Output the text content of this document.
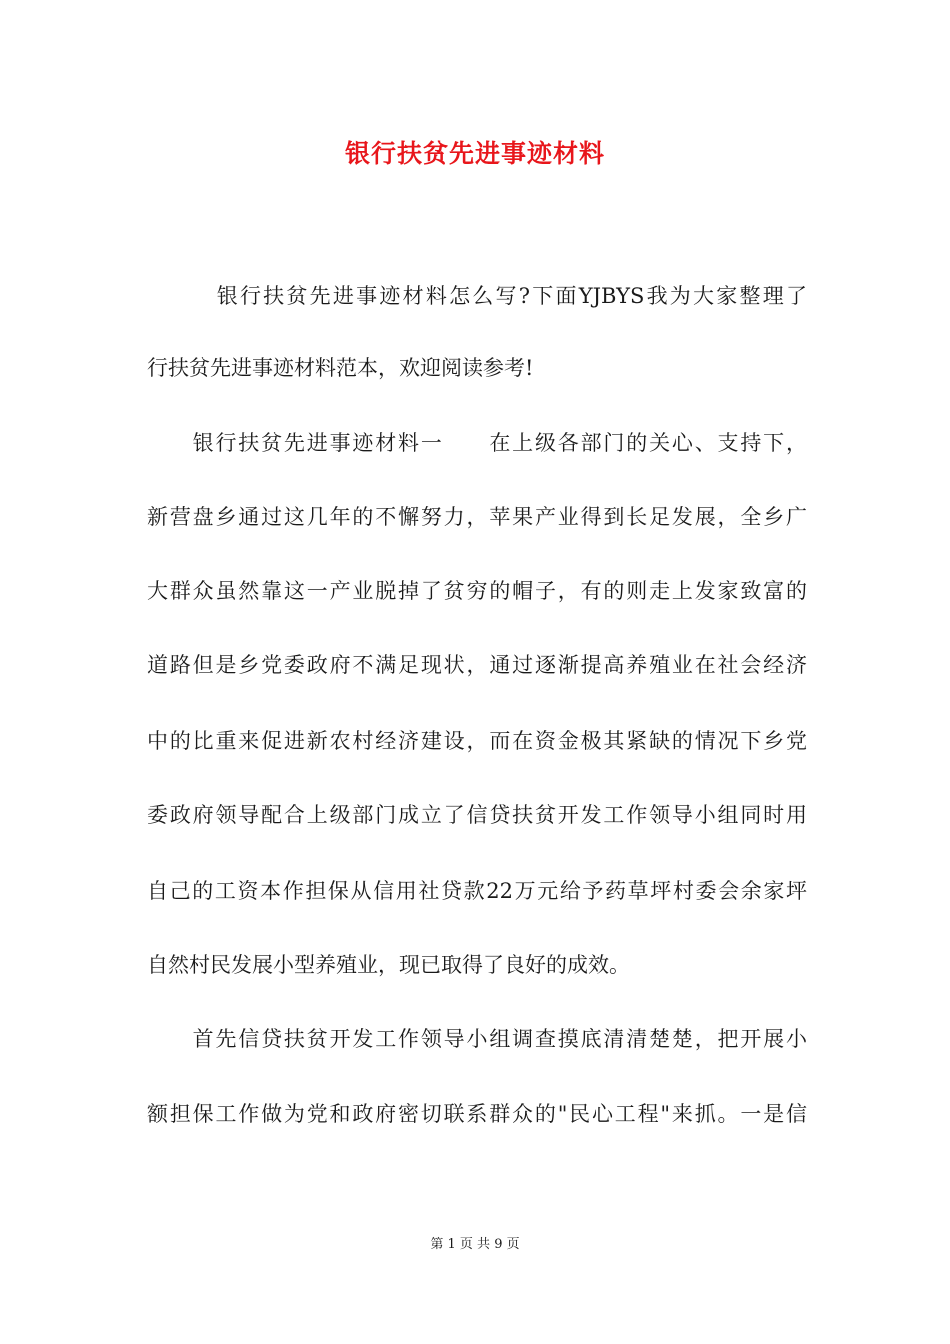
银行扶贫先进事迹材料
　　　银行扶贫先进事迹材料怎么写?下面YJBYS我为大家整理了
行扶贫先进事迹材料范本，欢迎阅读参考!
　　银行扶贫先进事迹材料一　　在上级各部门的关心、支持下，
新营盘乡通过这几年的不懈努力，苹果产业得到长足发展，全乡广
大群众虽然靠这一产业脱掉了贫穷的帽子，有的则走上发家致富的
道路但是乡党委政府不满足现状，通过逐渐提高养殖业在社会经济
中的比重来促进新农村经济建设，而在资金极其紧缺的情况下乡党
委政府领导配合上级部门成立了信贷扶贫开发工作领导小组同时用
自己的工资本作担保从信用社贷款22万元给予药草坪村委会余家坪
自然村民发展小型养殖业，现已取得了良好的成效。
　　首先信贷扶贫开发工作领导小组调查摸底清清楚楚，把开展小
额担保工作做为党和政府密切联系群众的"民心工程"来抓。一是信
第 1 页 共 9 页
